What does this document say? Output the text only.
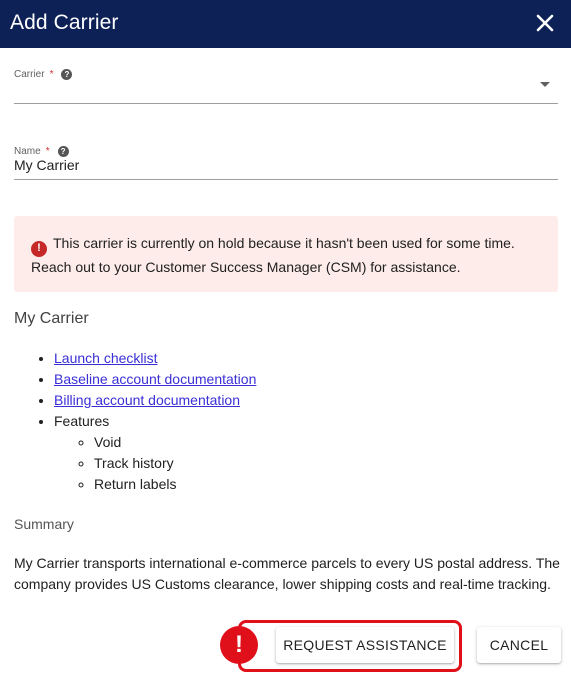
Add Carrier
Carrier *	?
Name *	?
My Carrier
! This carrier is currently on hold because it hasn't been used for some time.
Reach out to your Customer Success Manager (CSM) for assistance.
My Carrier
• Launch checklist
• Baseline account documentation
• Billing account documentation
• Features
◦ Void
◦ Track history
◦ Return labels
Summary
My Carrier transports international e-commerce parcels to every US postal address. The company provides US Customs clearance, lower shipping costs and real-time tracking.
!	REQUEST ASSISTANCE	CANCEL
